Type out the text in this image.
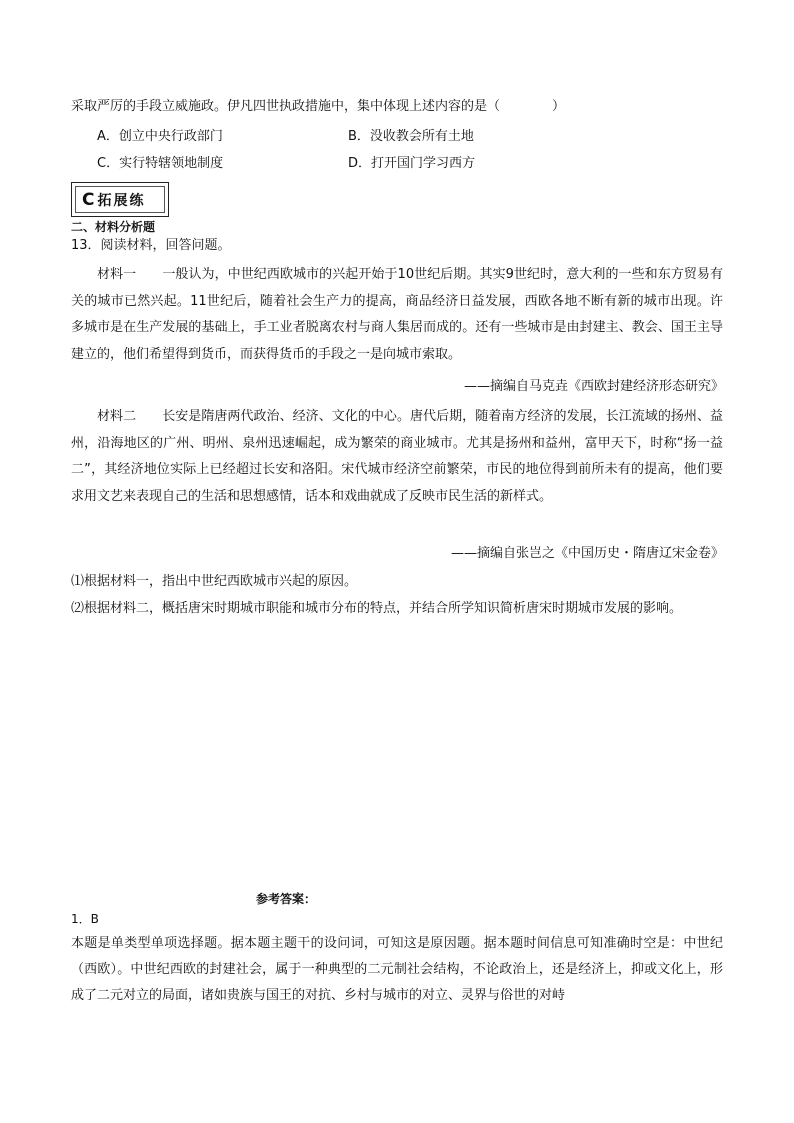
采取严厉的手段立威施政。伊凡四世执政措施中，集中体现上述内容的是（　　　　）
A．创立中央行政部门	B．没收教会所有土地
C．实行特辖领地制度	D．打开国门学习西方
C 拓展练
二、材料分析题
13．阅读材料，回答问题。
材料一　　一般认为，中世纪西欧城市的兴起开始于10世纪后期。其实9世纪时，意大利的一些和东方贸易有关的城市已然兴起。11世纪后，随着社会生产力的提高，商品经济日益发展，西欧各地不断有新的城市出现。许多城市是在生产发展的基础上，手工业者脱离农村与商人集居而成的。还有一些城市是由封建主、教会、国王主导建立的，他们希望得到货币，而获得货币的手段之一是向城市索取。
——摘编自马克垚《西欧封建经济形态研究》
材料二　　长安是隋唐两代政治、经济、文化的中心。唐代后期，随着南方经济的发展，长江流域的扬州、益州，沿海地区的广州、明州、泉州迅速崛起，成为繁荣的商业城市。尤其是扬州和益州，富甲天下，时称“扬一益二”，其经济地位实际上已经超过长安和洛阳。宋代城市经济空前繁荣，市民的地位得到前所未有的提高，他们要求用文艺来表现自己的生活和思想感情，话本和戏曲就成了反映市民生活的新样式。
——摘编自张岂之《中国历史・隋唐辽宋金卷》
⑴根据材料一，指出中世纪西欧城市兴起的原因。
⑵根据材料二，概括唐宋时期城市职能和城市分布的特点，并结合所学知识简析唐宋时期城市发展的影响。
参考答案：
1．B
本题是单类型单项选择题。据本题主题干的设问词，可知这是原因题。据本题时间信息可知准确时空是：中世纪（西欧）。中世纪西欧的封建社会，属于一种典型的二元制社会结构，不论政治上，还是经济上，抑或文化上，形成了二元对立的局面，诸如贵族与国王的对抗、乡村与城市的对立、灵界与俗世的对峙
